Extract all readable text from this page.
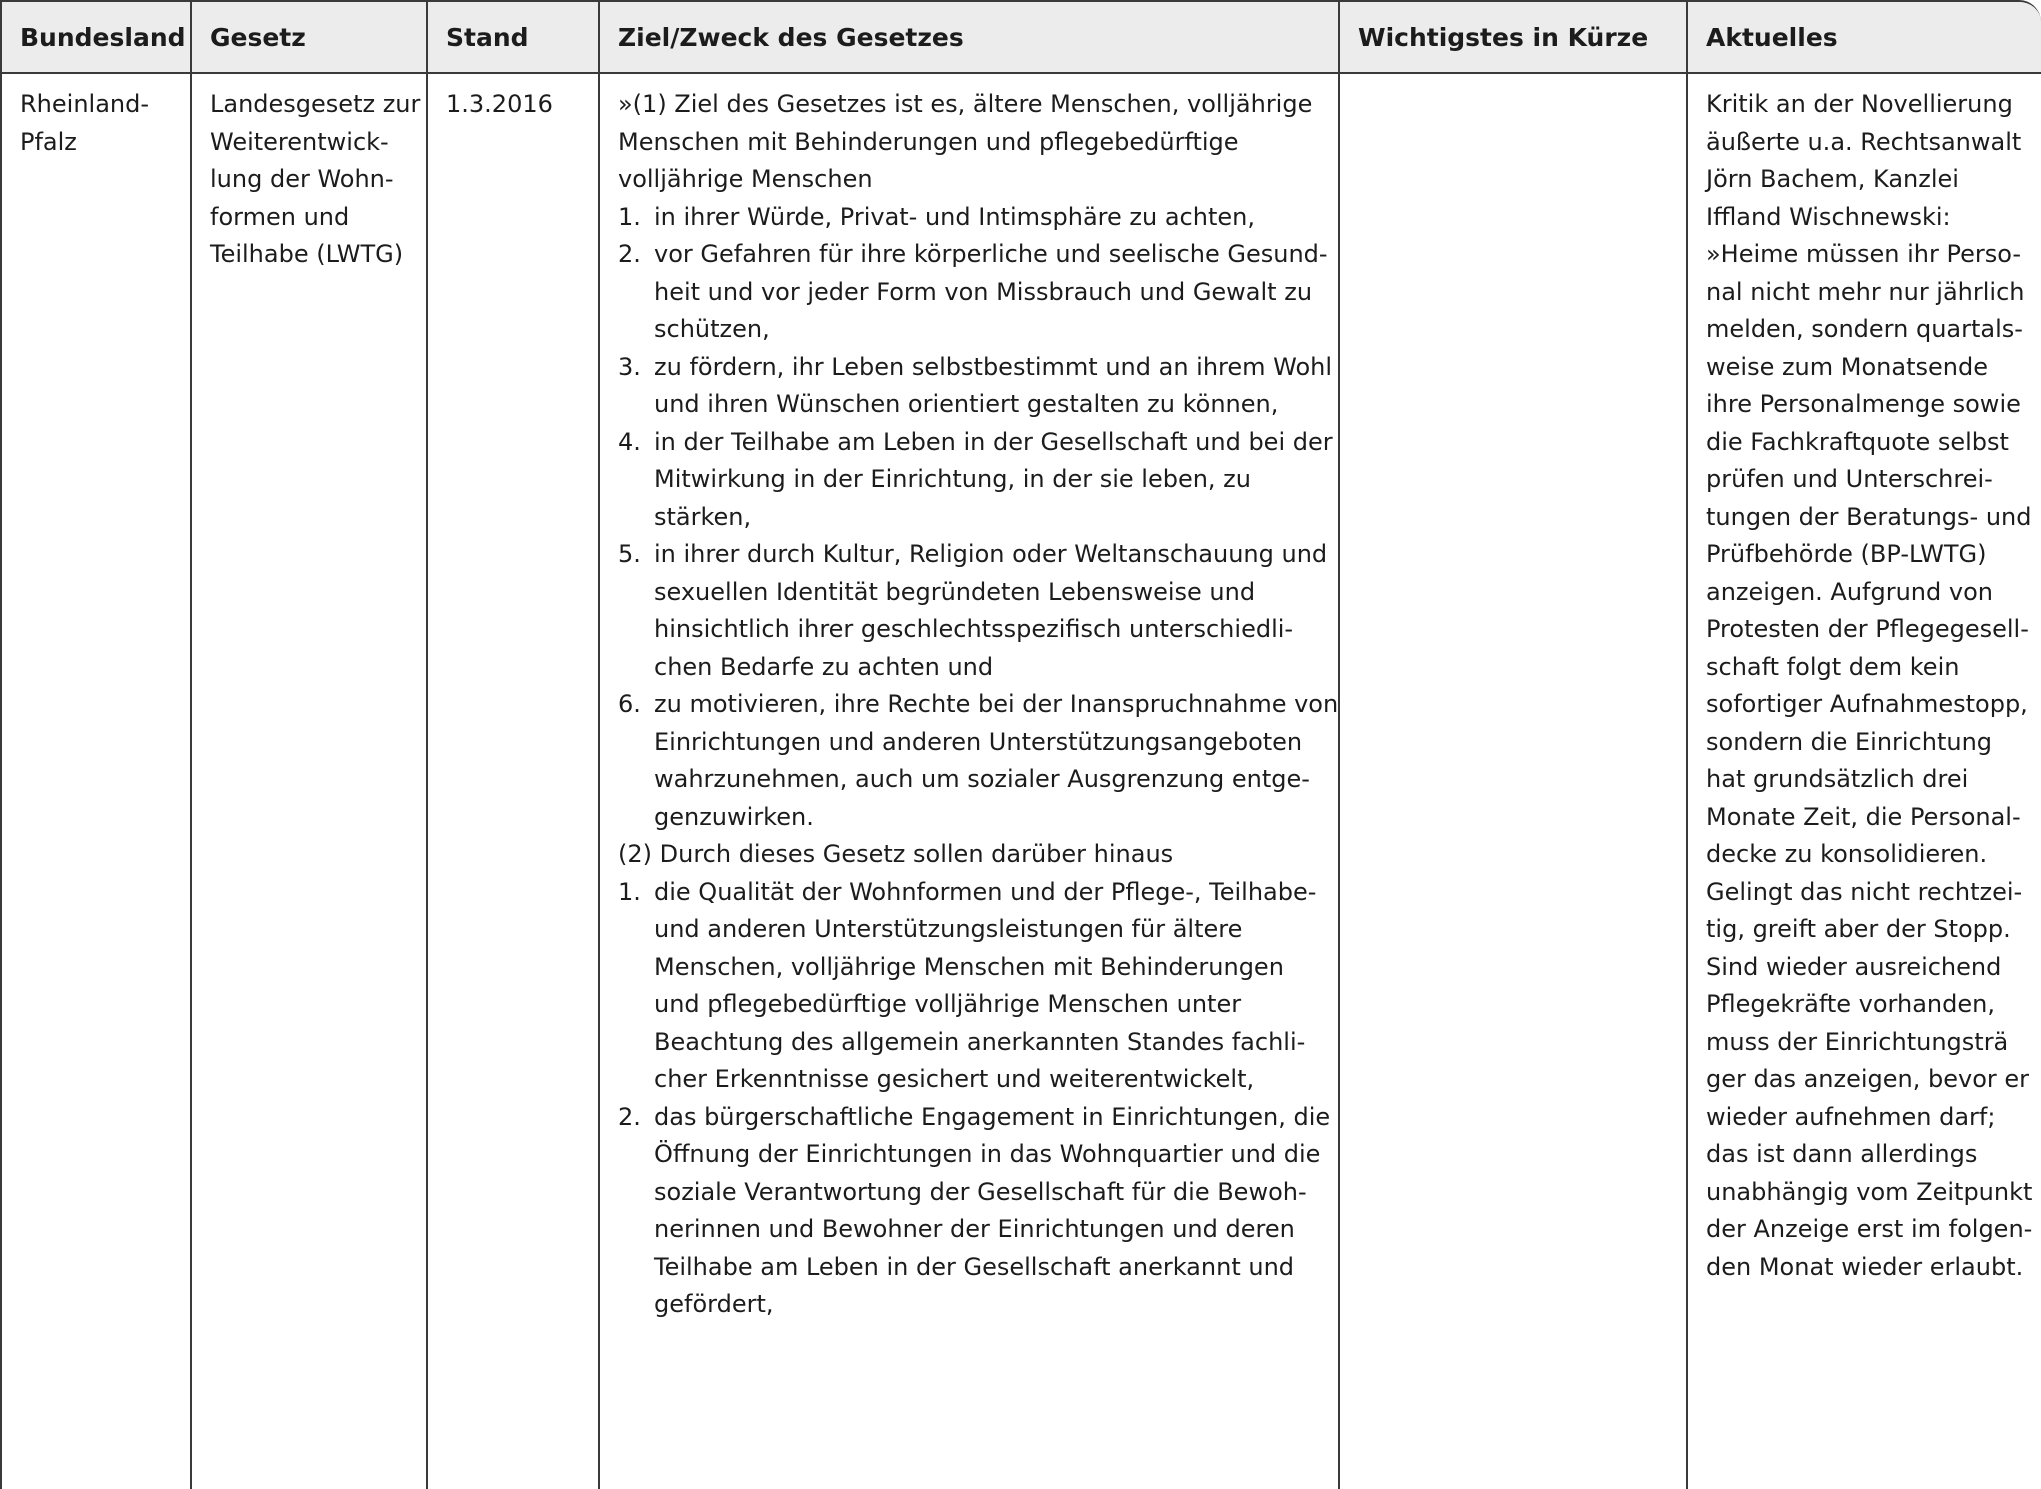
Bundesland
Rheinland-
Pfalz
Gesetz
Landesgesetz zur
Weiterentwick-
lung der Wohn-
formen und
Teilhabe (LWTG)
Stand
1.3.2016
Ziel/Zweck des Gesetzes
»(1) Ziel des Gesetzes ist es, ältere Menschen, volljährige
Menschen mit Behinderungen und pflegebedürftige
volljährige Menschen
1. in ihrer Würde, Privat- und Intimsphäre zu achten,
2. vor Gefahren für ihre körperliche und seelische Gesund-
heit und vor jeder Form von Missbrauch und Gewalt zu
schützen,
3. zu fördern, ihr Leben selbstbestimmt und an ihrem Wohl
und ihren Wünschen orientiert gestalten zu können,
4. in der Teilhabe am Leben in der Gesellschaft und bei der
Mitwirkung in der Einrichtung, in der sie leben, zu
stärken,
5. in ihrer durch Kultur, Religion oder Weltanschauung und
sexuellen Identität begründeten Lebensweise und
hinsichtlich ihrer geschlechtsspezifisch unterschiedli-
chen Bedarfe zu achten und
6. zu motivieren, ihre Rechte bei der Inanspruchnahme von
Einrichtungen und anderen Unterstützungsangeboten
wahrzunehmen, auch um sozialer Ausgrenzung entge-
genzuwirken.
(2) Durch dieses Gesetz sollen darüber hinaus
1. die Qualität der Wohnformen und der Pflege-, Teilhabe-
und anderen Unterstützungsleistungen für ältere
Menschen, volljährige Menschen mit Behinderungen
und pflegebedürftige volljährige Menschen unter
Beachtung des allgemein anerkannten Standes fachli-
cher Erkenntnisse gesichert und weiterentwickelt,
2. das bürgerschaftliche Engagement in Einrichtungen, die
Öffnung der Einrichtungen in das Wohnquartier und die
soziale Verantwortung der Gesellschaft für die Bewoh-
nerinnen und Bewohner der Einrichtungen und deren
Teilhabe am Leben in der Gesellschaft anerkannt und
gefördert,
Wichtigstes in Kürze	Aktuelles
Kritik an der Novellierung
äußerte u.a. Rechtsanwalt
Jörn Bachem, Kanzlei
Iffland Wischnewski:
»Heime müssen ihr Perso-
nal nicht mehr nur jährlich
melden, sondern quartals-
weise zum Monatsende
ihre Personalmenge sowie
die Fachkraftquote selbst
prüfen und Unterschrei-
tungen der Beratungs- und
Prüfbehörde (BP-LWTG)
anzeigen. Aufgrund von
Protesten der Pflegegesell-
schaft folgt dem kein
sofortiger Aufnahmestopp,
sondern die Einrichtung
hat grundsätzlich drei
Monate Zeit, die Personal-
decke zu konsolidieren.
Gelingt das nicht rechtzei-
tig, greift aber der Stopp.
Sind wieder ausreichend
Pflegekräfte vorhanden,
muss der Einrichtungsträ
ger das anzeigen, bevor er
wieder aufnehmen darf;
das ist dann allerdings
unabhängig vom Zeitpunkt
der Anzeige erst im folgen-
den Monat wieder erlaubt.
